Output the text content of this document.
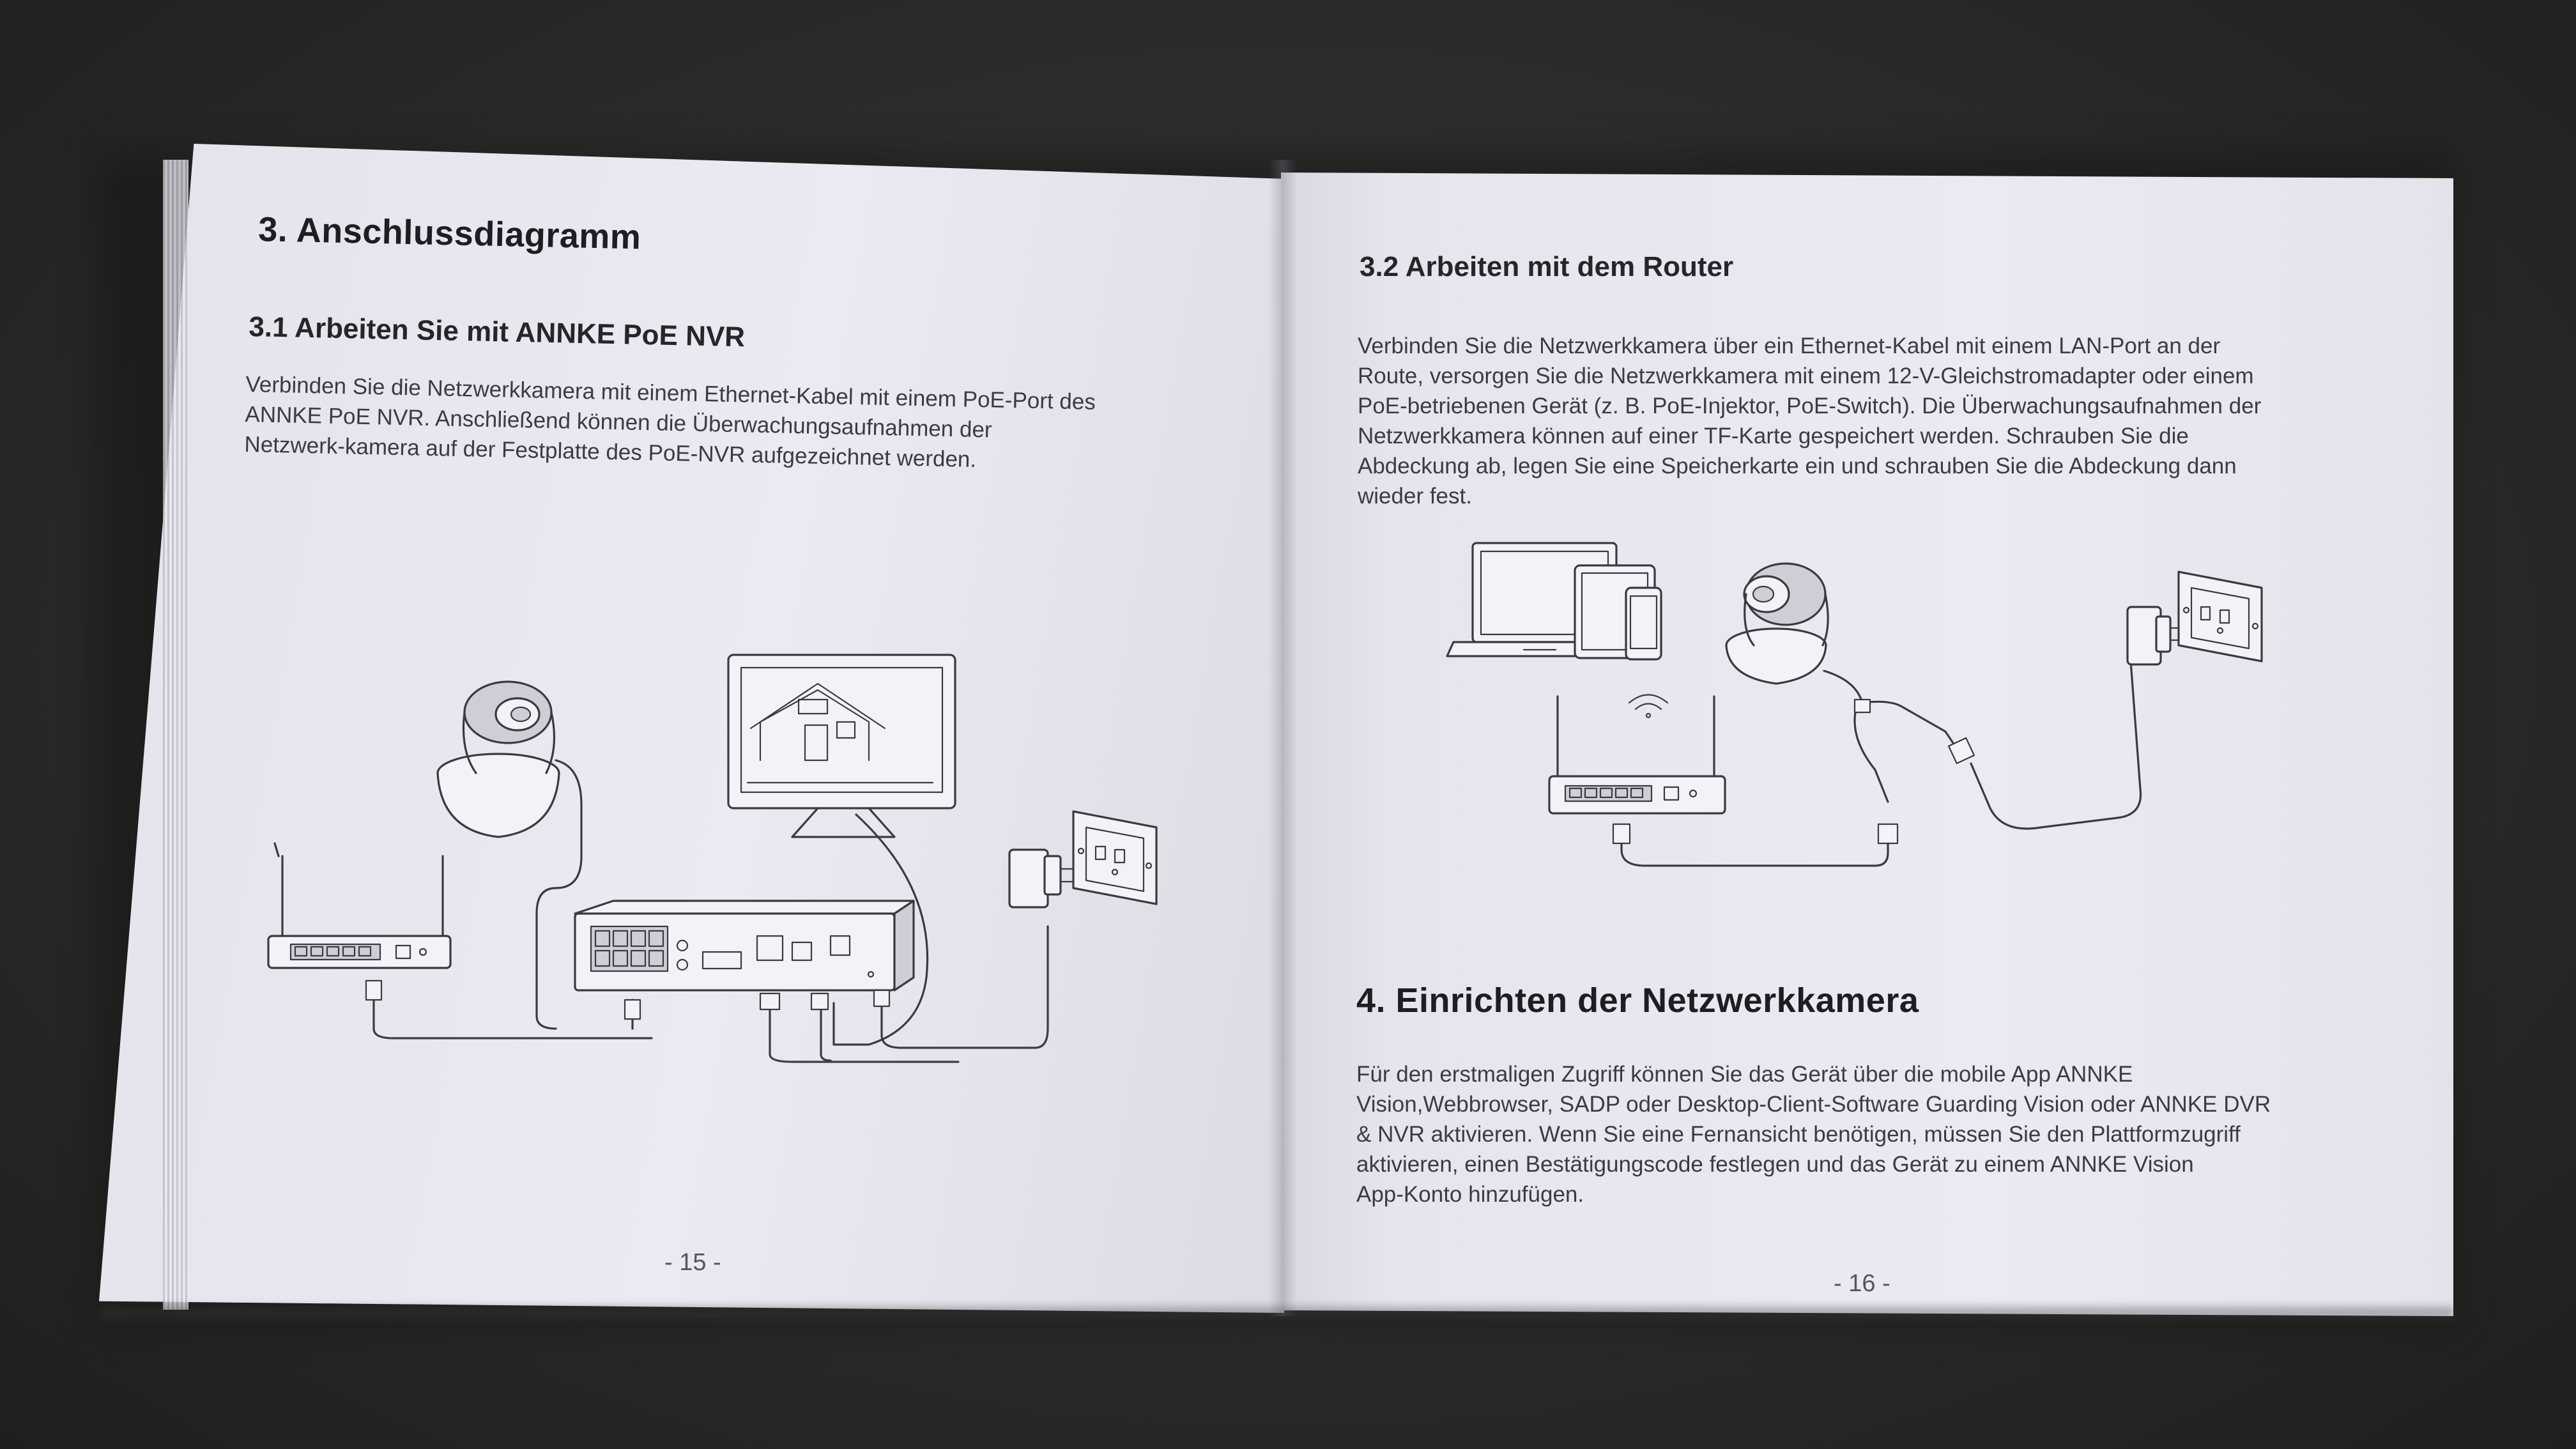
3. Anschlussdiagramm
3.1 Arbeiten Sie mit ANNKE PoE NVR

Verbinden Sie die Netzwerkkamera mit einem Ethernet-Kabel mit einem PoE-Port des
ANNKE PoE NVR. Anschließend können die Überwachungsaufnahmen der
Netzwerk-kamera auf der Festplatte des PoE-NVR aufgezeichnet werden.

- 15 -
3.2 Arbeiten mit dem Router

Verbinden Sie die Netzwerkkamera über ein Ethernet-Kabel mit einem LAN-Port an der
Route, versorgen Sie die Netzwerkkamera mit einem 12-V-Gleichstromadapter oder einem
PoE-betriebenen Gerät (z. B. PoE-Injektor, PoE-Switch). Die Überwachungsaufnahmen der
Netzwerkkamera können auf einer TF-Karte gespeichert werden. Schrauben Sie die
Abdeckung ab, legen Sie eine Speicherkarte ein und schrauben Sie die Abdeckung dann
wieder fest.

4. Einrichten der Netzwerkkamera

Für den erstmaligen Zugriff können Sie das Gerät über die mobile App ANNKE
Vision,Webbrowser, SADP oder Desktop-Client-Software Guarding Vision oder ANNKE DVR
& NVR aktivieren. Wenn Sie eine Fernansicht benötigen, müssen Sie den Plattformzugriff
aktivieren, einen Bestätigungscode festlegen und das Gerät zu einem ANNKE Vision
App-Konto hinzufügen.

- 16 -
